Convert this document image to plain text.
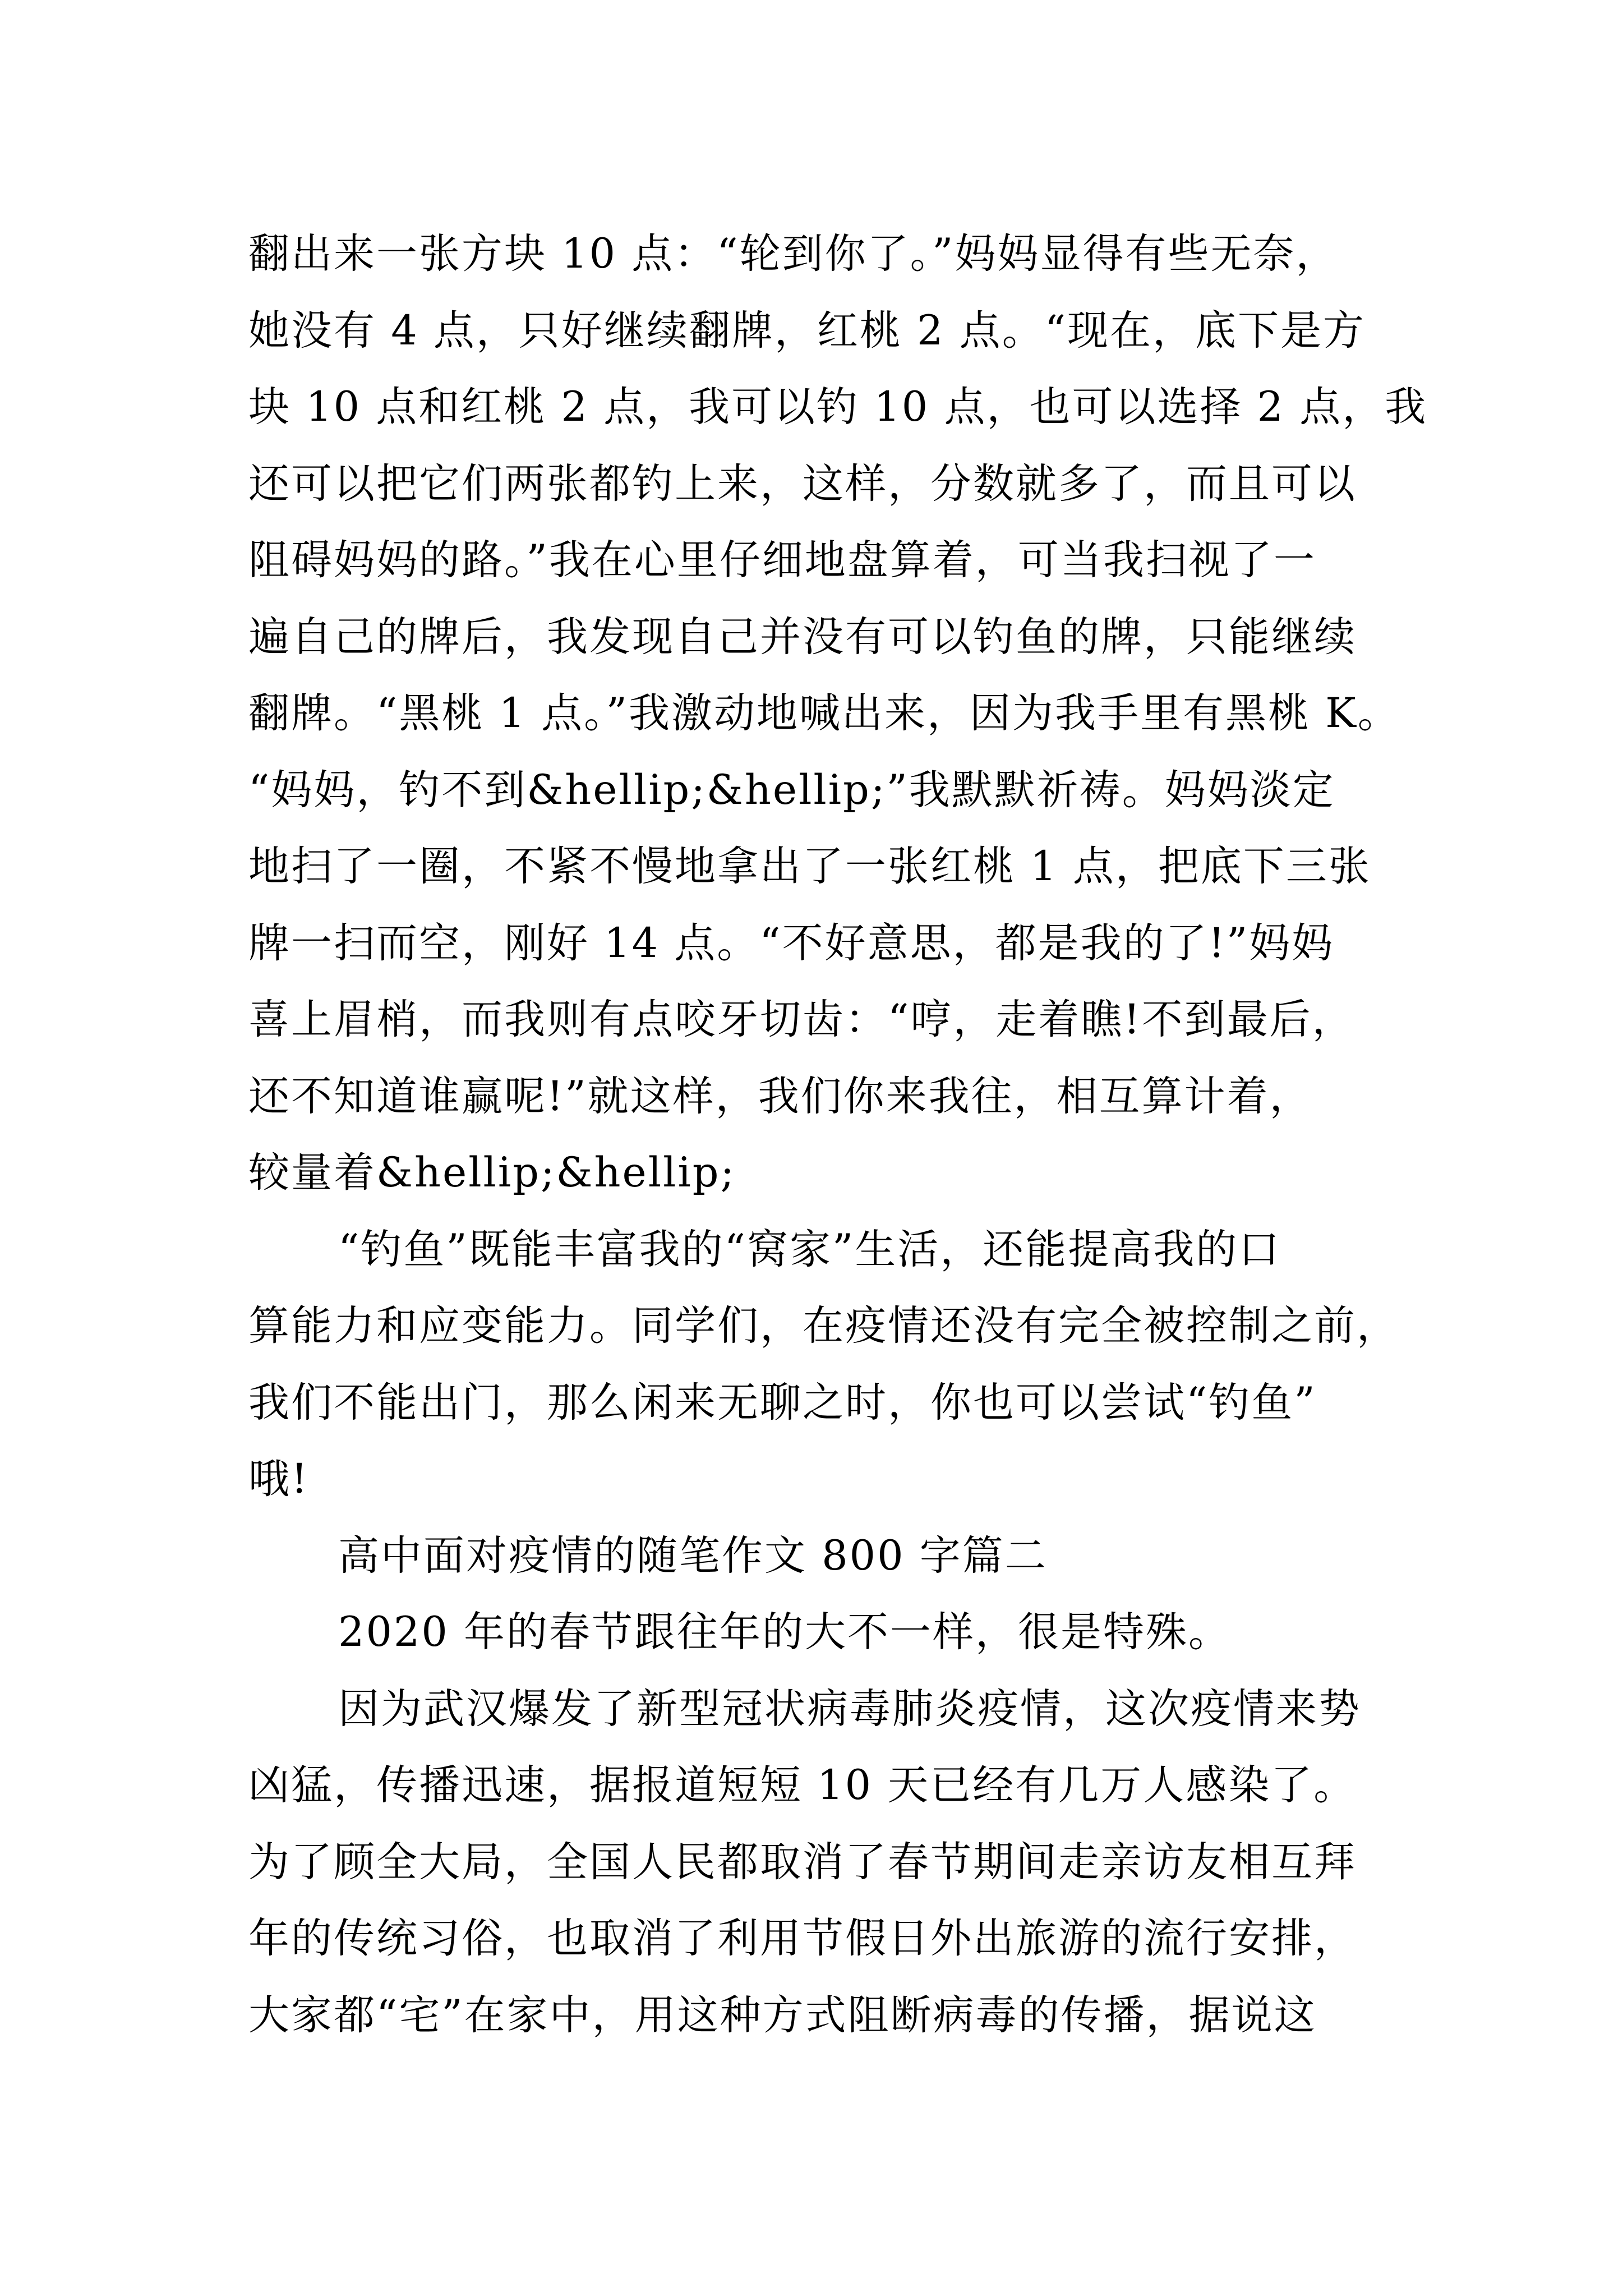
翻出来一张方块 10 点：“轮到你了。”妈妈显得有些无奈，
她没有 4 点，只好继续翻牌，红桃 2 点。“现在，底下是方
块 10 点和红桃 2 点，我可以钓 10 点，也可以选择 2 点，我
还可以把它们两张都钓上来，这样，分数就多了，而且可以
阻碍妈妈的路。”我在心里仔细地盘算着，可当我扫视了一
遍自己的牌后，我发现自己并没有可以钓鱼的牌，只能继续
翻牌。“黑桃 1 点。”我激动地喊出来，因为我手里有黑桃 K。
“妈妈，钓不到&hellip;&hellip;”我默默祈祷。妈妈淡定
地扫了一圈，不紧不慢地拿出了一张红桃 1 点，把底下三张
牌一扫而空，刚好 14 点。“不好意思，都是我的了!”妈妈
喜上眉梢，而我则有点咬牙切齿：“哼，走着瞧!不到最后，
还不知道谁赢呢!”就这样，我们你来我往，相互算计着，
较量着&hellip;&hellip;
“钓鱼”既能丰富我的“窝家”生活，还能提高我的口
算能力和应变能力。同学们，在疫情还没有完全被控制之前，
我们不能出门，那么闲来无聊之时，你也可以尝试“钓鱼”
哦!
高中面对疫情的随笔作文 800 字篇二
2020 年的春节跟往年的大不一样，很是特殊。
因为武汉爆发了新型冠状病毒肺炎疫情，这次疫情来势
凶猛，传播迅速，据报道短短 10 天已经有几万人感染了。
为了顾全大局，全国人民都取消了春节期间走亲访友相互拜
年的传统习俗，也取消了利用节假日外出旅游的流行安排，
大家都“宅”在家中，用这种方式阻断病毒的传播，据说这
